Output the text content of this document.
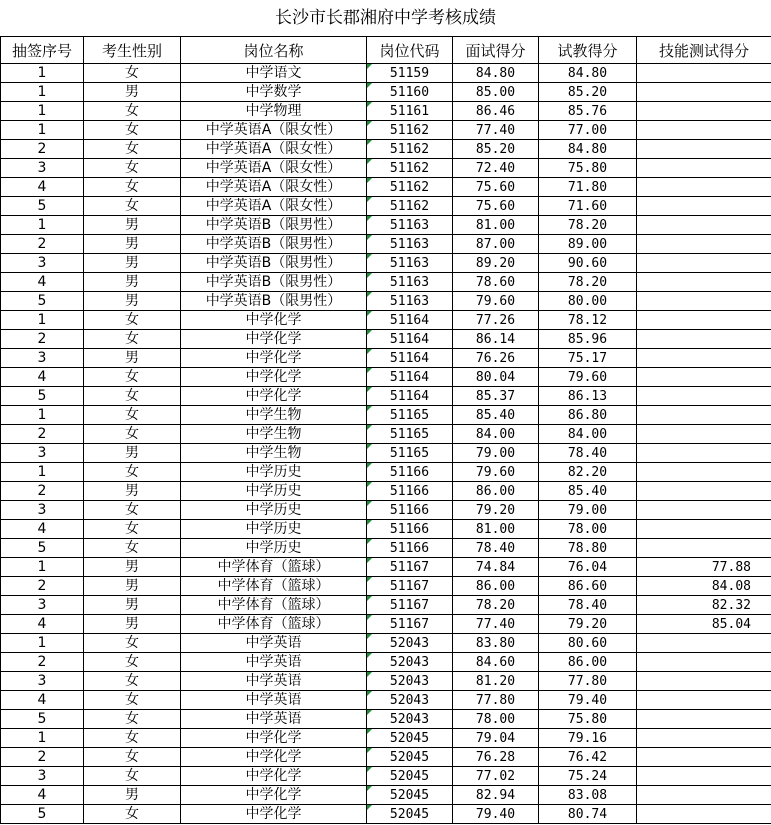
长沙市长郡湘府中学考核成绩
抽签序号	考生性别	岗位名称	岗位代码	面试得分	试教得分	技能测试得分
1	女	中学语文	51159	84.80	84.80	
1	男	中学数学	51160	85.00	85.20	
1	女	中学物理	51161	86.46	85.76	
1	女	中学英语A（限女性）	51162	77.40	77.00	
2	女	中学英语A（限女性）	51162	85.20	84.80	
3	女	中学英语A（限女性）	51162	72.40	75.80	
4	女	中学英语A（限女性）	51162	75.60	71.80	
5	女	中学英语A（限女性）	51162	75.60	71.60	
1	男	中学英语B（限男性）	51163	81.00	78.20	
2	男	中学英语B（限男性）	51163	87.00	89.00	
3	男	中学英语B（限男性）	51163	89.20	90.60	
4	男	中学英语B（限男性）	51163	78.60	78.20	
5	男	中学英语B（限男性）	51163	79.60	80.00	
1	女	中学化学	51164	77.26	78.12	
2	女	中学化学	51164	86.14	85.96	
3	男	中学化学	51164	76.26	75.17	
4	女	中学化学	51164	80.04	79.60	
5	女	中学化学	51164	85.37	86.13	
1	女	中学生物	51165	85.40	86.80	
2	女	中学生物	51165	84.00	84.00	
3	男	中学生物	51165	79.00	78.40	
1	女	中学历史	51166	79.60	82.20	
2	男	中学历史	51166	86.00	85.40	
3	女	中学历史	51166	79.20	79.00	
4	女	中学历史	51166	81.00	78.00	
5	女	中学历史	51166	78.40	78.80	
1	男	中学体育（篮球）	51167	74.84	76.04	77.88
2	男	中学体育（篮球）	51167	86.00	86.60	84.08
3	男	中学体育（篮球）	51167	78.20	78.40	82.32
4	男	中学体育（篮球）	51167	77.40	79.20	85.04
1	女	中学英语	52043	83.80	80.60	
2	女	中学英语	52043	84.60	86.00	
3	女	中学英语	52043	81.20	77.80	
4	女	中学英语	52043	77.80	79.40	
5	女	中学英语	52043	78.00	75.80	
1	女	中学化学	52045	79.04	79.16	
2	女	中学化学	52045	76.28	76.42	
3	女	中学化学	52045	77.02	75.24	
4	男	中学化学	52045	82.94	83.08	
5	女	中学化学	52045	79.40	80.74	
